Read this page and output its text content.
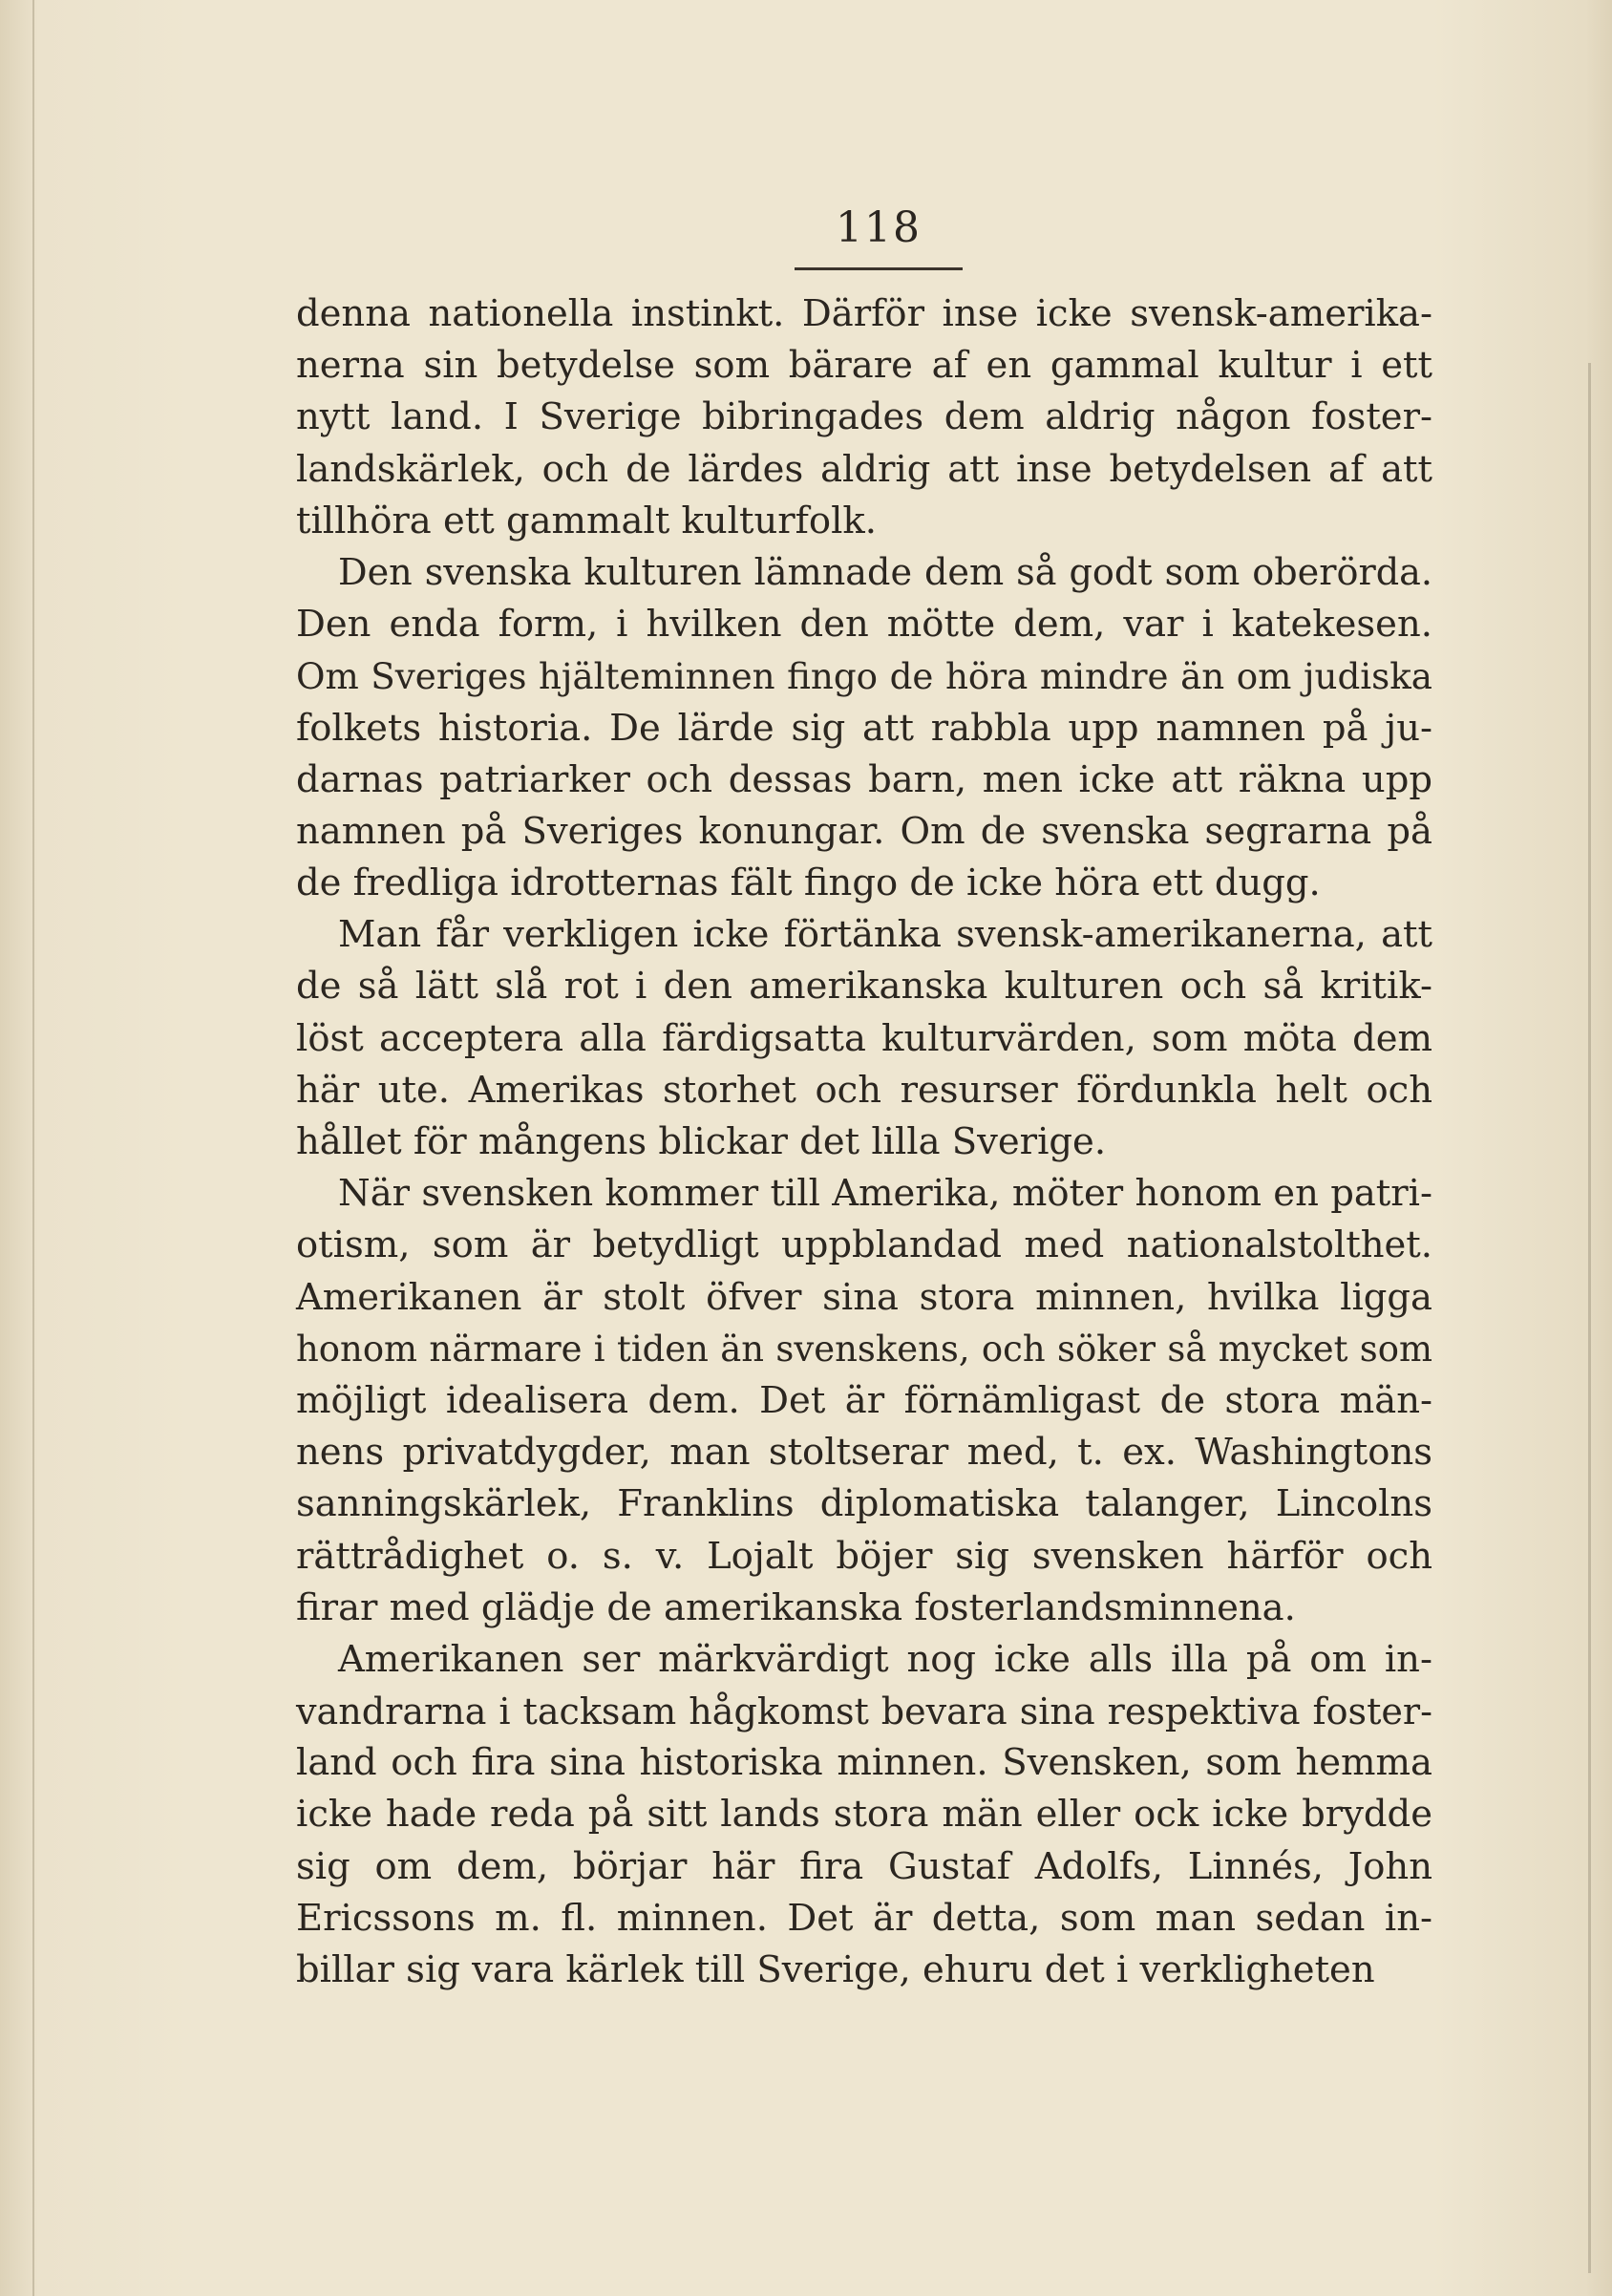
118
denna nationella instinkt. Därför inse icke svensk-amerika-
nerna sin betydelse som bärare af en gammal kultur i ett
nytt land. I Sverige bibringades dem aldrig någon foster-
landskärlek, och de lärdes aldrig att inse betydelsen af att
tillhöra ett gammalt kulturfolk.
Den svenska kulturen lämnade dem så godt som oberörda.
Den enda form, i hvilken den mötte dem, var i katekesen.
Om Sveriges hjälteminnen fingo de höra mindre än om judiska
folkets historia. De lärde sig att rabbla upp namnen på ju-
darnas patriarker och dessas barn, men icke att räkna upp
namnen på Sveriges konungar. Om de svenska segrarna på
de fredliga idrotternas fält fingo de icke höra ett dugg.
Man får verkligen icke förtänka svensk-amerikanerna, att
de så lätt slå rot i den amerikanska kulturen och så kritik-
löst acceptera alla färdigsatta kulturvärden, som möta dem
här ute. Amerikas storhet och resurser fördunkla helt och
hållet för mångens blickar det lilla Sverige.
När svensken kommer till Amerika, möter honom en patri-
otism, som är betydligt uppblandad med nationalstolthet.
Amerikanen är stolt öfver sina stora minnen, hvilka ligga
honom närmare i tiden än svenskens, och söker så mycket som
möjligt idealisera dem. Det är förnämligast de stora män-
nens privatdygder, man stoltserar med, t. ex. Washingtons
sanningskärlek, Franklins diplomatiska talanger, Lincolns
rättrådighet o. s. v. Lojalt böjer sig svensken härför och
firar med glädje de amerikanska fosterlandsminnena.
Amerikanen ser märkvärdigt nog icke alls illa på om in-
vandrarna i tacksam hågkomst bevara sina respektiva foster-
land och fira sina historiska minnen. Svensken, som hemma
icke hade reda på sitt lands stora män eller ock icke brydde
sig om dem, börjar här fira Gustaf Adolfs, Linnés, John
Ericssons m. fl. minnen. Det är detta, som man sedan in-
billar sig vara kärlek till Sverige, ehuru det i verkligheten
